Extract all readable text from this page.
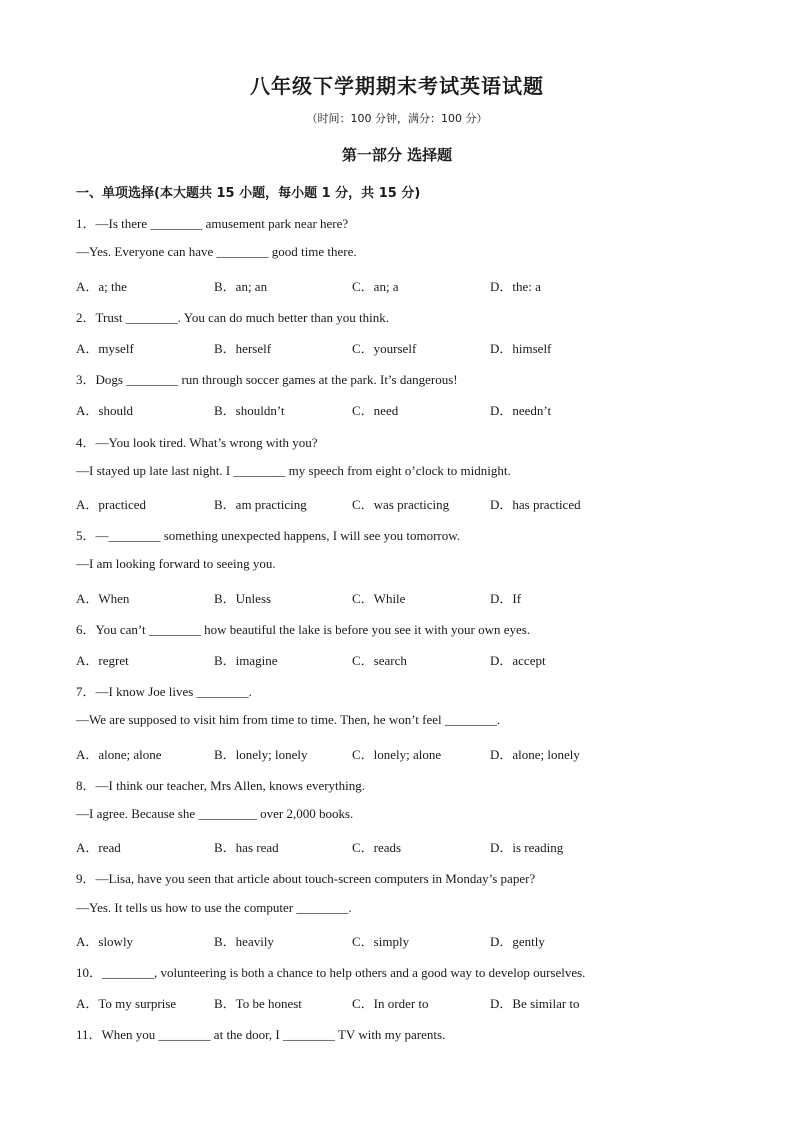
八年级下学期期末考试英语试题
（时间：100 分钟，满分：100 分）
第一部分 选择题
一、单项选择(本大题共 15 小题，每小题 1 分，共 15 分)
1．—Is there ________ amusement park near here?
—Yes. Everyone can have ________ good time there.
A．a; the	B．an; an	C．an; a	D．the: a
2．Trust ________. You can do much better than you think.
A．myself	B．herself	C．yourself	D．himself
3．Dogs ________ run through soccer games at the park. It’s dangerous!
A．should	B．shouldn’t	C．need	D．needn’t
4．—You look tired. What’s wrong with you?
—I stayed up late last night. I ________ my speech from eight o’clock to midnight.
A．practiced	B．am practicing	C．was practicing	D．has practiced
5．—________ something unexpected happens, I will see you tomorrow.
—I am looking forward to seeing you.
A．When	B．Unless	C．While	D．If
6．You can’t ________ how beautiful the lake is before you see it with your own eyes.
A．regret	B．imagine	C．search	D．accept
7．—I know Joe lives ________.
—We are supposed to visit him from time to time. Then, he won’t feel ________.
A．alone; alone	B．lonely; lonely	C．lonely; alone	D．alone; lonely
8．—I think our teacher, Mrs Allen, knows everything.
—I agree. Because she _________ over 2,000 books.
A．read	B．has read	C．reads	D．is reading
9．—Lisa, have you seen that article about touch-screen computers in Monday’s paper?
—Yes. It tells us how to use the computer ________.
A．slowly	B．heavily	C．simply	D．gently
10．________, volunteering is both a chance to help others and a good way to develop ourselves.
A．To my surprise	B．To be honest	C．In order to	D．Be similar to
11．When you ________ at the door, I ________ TV with my parents.
